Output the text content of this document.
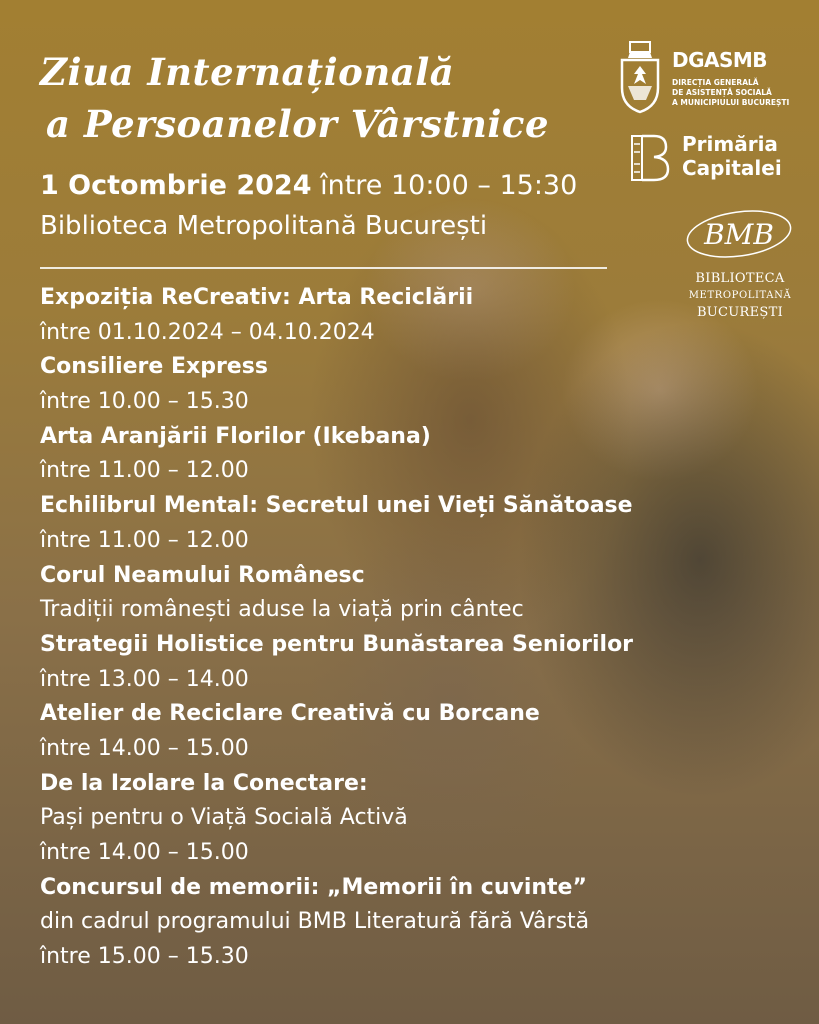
Ziua Internațională
a Persoanelor Vârstnice
1 Octombrie 2024 între 10:00 – 15:30
Biblioteca Metropolitană București
Expoziția ReCreativ: Arta Reciclării
între 01.10.2024 – 04.10.2024
Consiliere Express
între 10.00 – 15.30
Arta Aranjării Florilor (Ikebana)
între 11.00 – 12.00
Echilibrul Mental: Secretul unei Vieți Sănătoase
între 11.00 – 12.00
Corul Neamului Românesc
Tradiții românești aduse la viață prin cântec
Strategii Holistice pentru Bunăstarea Seniorilor
între 13.00 – 14.00
Atelier de Reciclare Creativă cu Borcane
între 14.00 – 15.00
De la Izolare la Conectare:
Pași pentru o Viață Socială Activă
între 14.00 – 15.00
Concursul de memorii: „Memorii în cuvinte”
din cadrul programului BMB Literatură fără Vârstă
între 15.00 – 15.30
DGASMB
DIRECȚIA GENERALĂ
DE ASISTENȚĂ SOCIALĂ
A MUNICIPIULUI BUCUREȘTI
Primăria
Capitalei
BMB
BIBLIOTECA
METROPOLITANĂ
BUCUREȘTI
